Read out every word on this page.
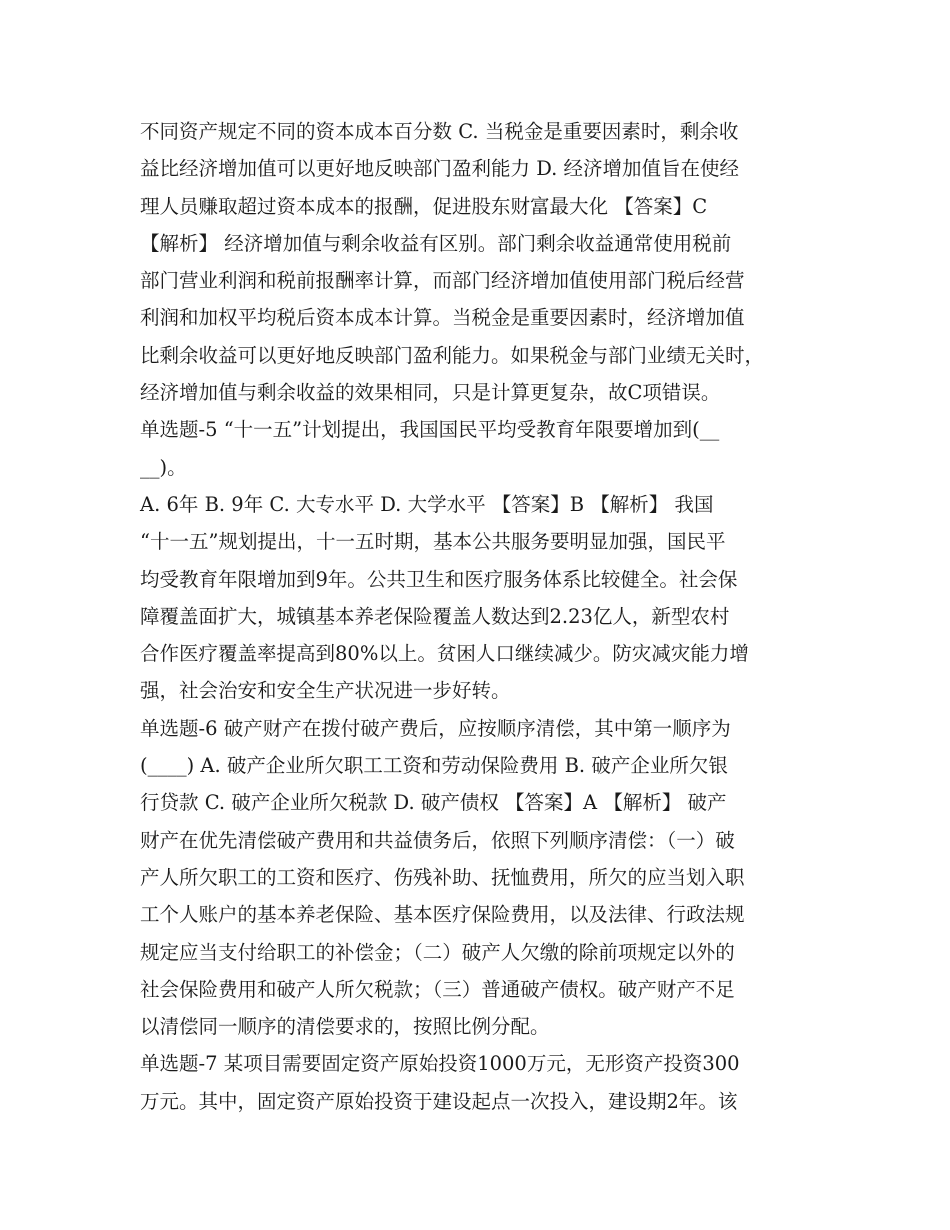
不同资产规定不同的资本成本百分数 C. 当税金是重要因素时，剩余收
益比经济增加值可以更好地反映部门盈利能力 D. 经济增加值旨在使经
理人员赚取超过资本成本的报酬，促进股东财富最大化 【答案】C
【解析】 经济增加值与剩余收益有区别。部门剩余收益通常使用税前
部门营业利润和税前报酬率计算，而部门经济增加值使用部门税后经营
利润和加权平均税后资本成本计算。当税金是重要因素时，经济增加值
比剩余收益可以更好地反映部门盈利能力。如果税金与部门业绩无关时，
经济增加值与剩余收益的效果相同，只是计算更复杂，故C项错误。
单选题-5 “十一五”计划提出，我国国民平均受教育年限要增加到(__
__)。
A. 6年 B. 9年 C. 大专水平 D. 大学水平 【答案】B 【解析】 我国
“十一五”规划提出，十一五时期，基本公共服务要明显加强，国民平
均受教育年限增加到9年。公共卫生和医疗服务体系比较健全。社会保
障覆盖面扩大，城镇基本养老保险覆盖人数达到2.23亿人，新型农村
合作医疗覆盖率提高到80%以上。贫困人口继续减少。防灾减灾能力增
强，社会治安和安全生产状况进一步好转。
单选题-6 破产财产在拨付破产费后，应按顺序清偿，其中第一顺序为
(____) A. 破产企业所欠职工工资和劳动保险费用 B. 破产企业所欠银
行贷款 C. 破产企业所欠税款 D. 破产债权 【答案】A 【解析】 破产
财产在优先清偿破产费用和共益债务后，依照下列顺序清偿：（一）破
产人所欠职工的工资和医疗、伤残补助、抚恤费用，所欠的应当划入职
工个人账户的基本养老保险、基本医疗保险费用，以及法律、行政法规
规定应当支付给职工的补偿金；（二）破产人欠缴的除前项规定以外的
社会保险费用和破产人所欠税款；（三）普通破产债权。破产财产不足
以清偿同一顺序的清偿要求的，按照比例分配。
单选题-7 某项目需要固定资产原始投资1000万元，无形资产投资300
万元。其中，固定资产原始投资于建设起点一次投入，建设期2年。该
